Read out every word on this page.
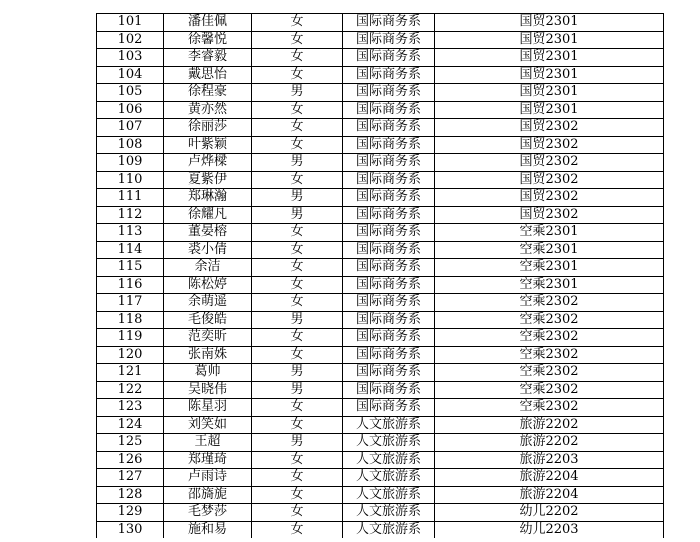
101	潘佳佩	女	国际商务系	国贸2301
102	徐馨悦	女	国际商务系	国贸2301
103	李睿毅	女	国际商务系	国贸2301
104	戴思怡	女	国际商务系	国贸2301
105	徐程豪	男	国际商务系	国贸2301
106	黄亦然	女	国际商务系	国贸2301
107	徐丽莎	女	国际商务系	国贸2302
108	叶紫颖	女	国际商务系	国贸2302
109	卢烨樑	男	国际商务系	国贸2302
110	夏紫伊	女	国际商务系	国贸2302
111	郑琳瀚	男	国际商务系	国贸2302
112	徐耀凡	男	国际商务系	国贸2302
113	董晏榕	女	国际商务系	空乘2301
114	裘小倩	女	国际商务系	空乘2301
115	余洁	女	国际商务系	空乘2301
116	陈松婷	女	国际商务系	空乘2301
117	余萌遥	女	国际商务系	空乘2302
118	毛俊皓	男	国际商务系	空乘2302
119	范奕昕	女	国际商务系	空乘2302
120	张南姝	女	国际商务系	空乘2302
121	葛帅	男	国际商务系	空乘2302
122	吴晓伟	男	国际商务系	空乘2302
123	陈星羽	女	国际商务系	空乘2302
124	刘笑如	女	人文旅游系	旅游2202
125	王超	男	人文旅游系	旅游2202
126	郑瑾琦	女	人文旅游系	旅游2203
127	卢雨诗	女	人文旅游系	旅游2204
128	邵旖旎	女	人文旅游系	旅游2204
129	毛梦莎	女	人文旅游系	幼儿2202
130	施和易	女	人文旅游系	幼儿2203
